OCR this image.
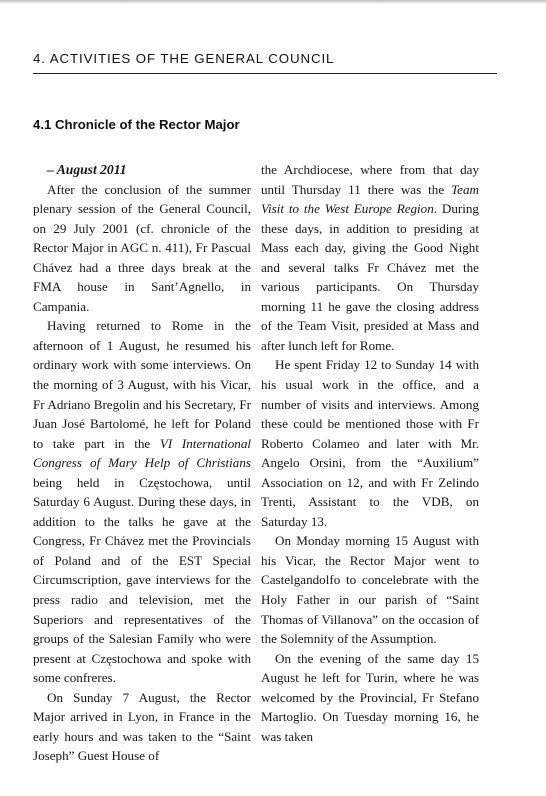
4. ACTIVITIES OF THE GENERAL COUNCIL
4.1 Chronicle of the Rector Major

– August 2011

After the conclusion of the summer plenary session of the General Council, on 29 July 2001 (cf. chronicle of the Rector Major in AGC n. 411), Fr Pascual Chávez had a three days break at the FMA house in Sant’Agnello, in Campania.

Having returned to Rome in the afternoon of 1 August, he resumed his ordinary work with some interviews. On the morning of 3 August, with his Vicar, Fr Adriano Bregolin and his Secretary, Fr Juan José Bartolomé, he left for Poland to take part in the VI International Congress of Mary Help of Christians being held in Częstochowa, until Saturday 6 August. During these days, in addition to the talks he gave at the Congress, Fr Chávez met the Provincials of Poland and of the EST Special Circumscription, gave interviews for the press radio and television, met the Superiors and representatives of the groups of the Salesian Family who were present at Częstochowa and spoke with some confreres.

On Sunday 7 August, the Rector Major arrived in Lyon, in France in the early hours and was taken to the “Saint Joseph” Guest House of

the Archdiocese, where from that day until Thursday 11 there was the Team Visit to the West Europe Region. During these days, in addition to presiding at Mass each day, giving the Good Night and several talks Fr Chávez met the various participants. On Thursday morning 11 he gave the closing address of the Team Visit, presided at Mass and after lunch left for Rome.

He spent Friday 12 to Sunday 14 with his usual work in the office, and a number of visits and interviews. Among these could be mentioned those with Fr Roberto Colameo and later with Mr. Angelo Orsini, from the “Auxilium” Association on 12, and with Fr Zelindo Trenti, Assistant to the VDB, on Saturday 13.

On Monday morning 15 August with his Vicar, the Rector Major went to Castelgandolfo to concelebrate with the Holy Father in our parish of “Saint Thomas of Villanova” on the occasion of the Solemnity of the Assumption.

On the evening of the same day 15 August he left for Turin, where he was welcomed by the Provincial, Fr Stefano Martoglio. On Tuesday morning 16, he was taken
